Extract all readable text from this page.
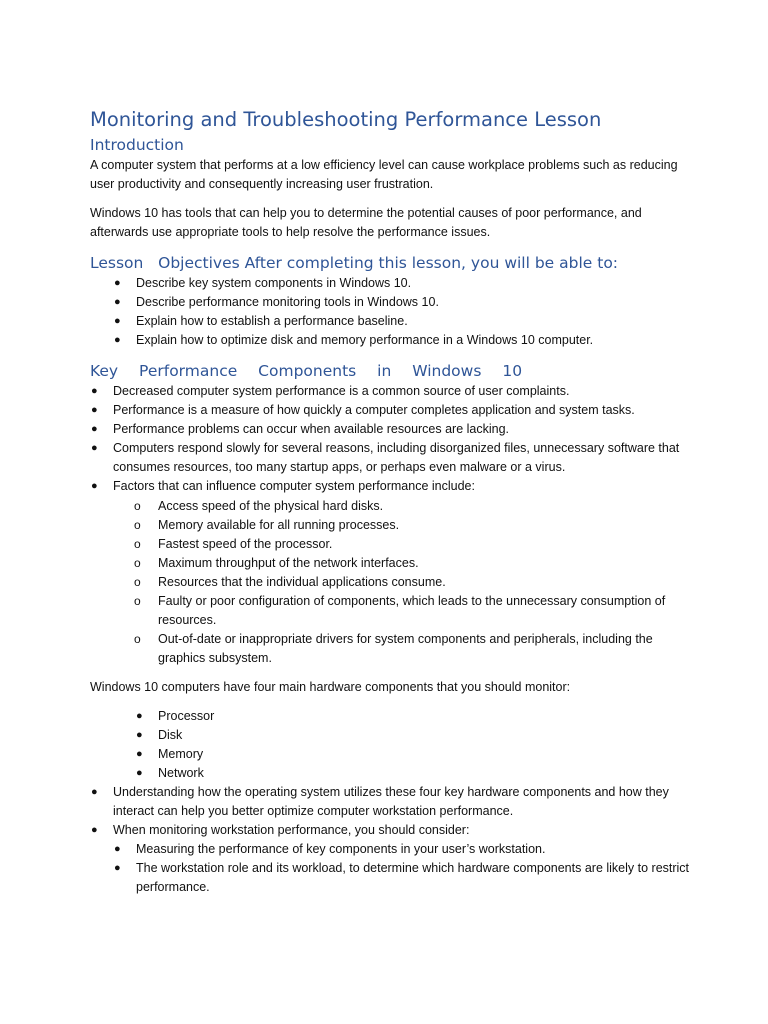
Monitoring and Troubleshooting Performance Lesson
Introduction

A computer system that performs at a low efficiency level can cause workplace problems such as reducing user productivity and consequently increasing user frustration.

Windows 10 has tools that can help you to determine the potential causes of poor performance, and afterwards use appropriate tools to help resolve the performance issues.

Lesson   Objectives After completing this lesson, you will be able to:
● Describe key system components in Windows 10.
● Describe performance monitoring tools in Windows 10.
● Explain how to establish a performance baseline.
● Explain how to optimize disk and memory performance in a Windows 10 computer.
Key Performance Components in Windows 10
● Decreased computer system performance is a common source of user complaints.
● Performance is a measure of how quickly a computer completes application and system tasks.
● Performance problems can occur when available resources are lacking.
● Computers respond slowly for several reasons, including disorganized files, unnecessary software that consumes resources, too many startup apps, or perhaps even malware or a virus.
● Factors that can influence computer system performance include:
o Access speed of the physical hard disks.
o Memory available for all running processes.
o Fastest speed of the processor.
o Maximum throughput of the network interfaces.
o Resources that the individual applications consume.
o Faulty or poor configuration of components, which leads to the unnecessary consumption of resources.
o Out-of-date or inappropriate drivers for system components and peripherals, including the graphics subsystem.

Windows 10 computers have four main hardware components that you should monitor:

● Processor
● Disk
● Memory
● Network
● Understanding how the operating system utilizes these four key hardware components and how they interact can help you better optimize computer workstation performance.
● When monitoring workstation performance, you should consider:
● Measuring the performance of key components in your user’s workstation.
● The workstation role and its workload, to determine which hardware components are likely to restrict performance.
